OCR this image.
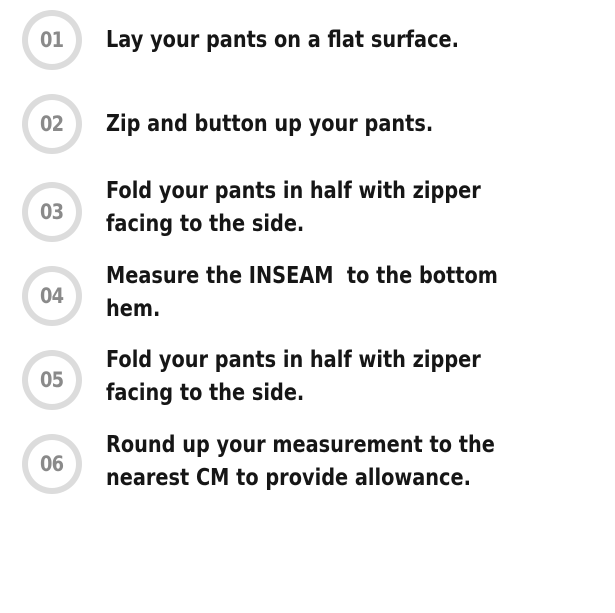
01 Lay your pants on a flat surface.
02 Zip and button up your pants.
03
Fold your pants in half with zipper
facing to the side.
04
Measure the INSEAM  to the bottom
hem.
05
Fold your pants in half with zipper
facing to the side.
06
Round up your measurement to the
nearest CM to provide allowance.
